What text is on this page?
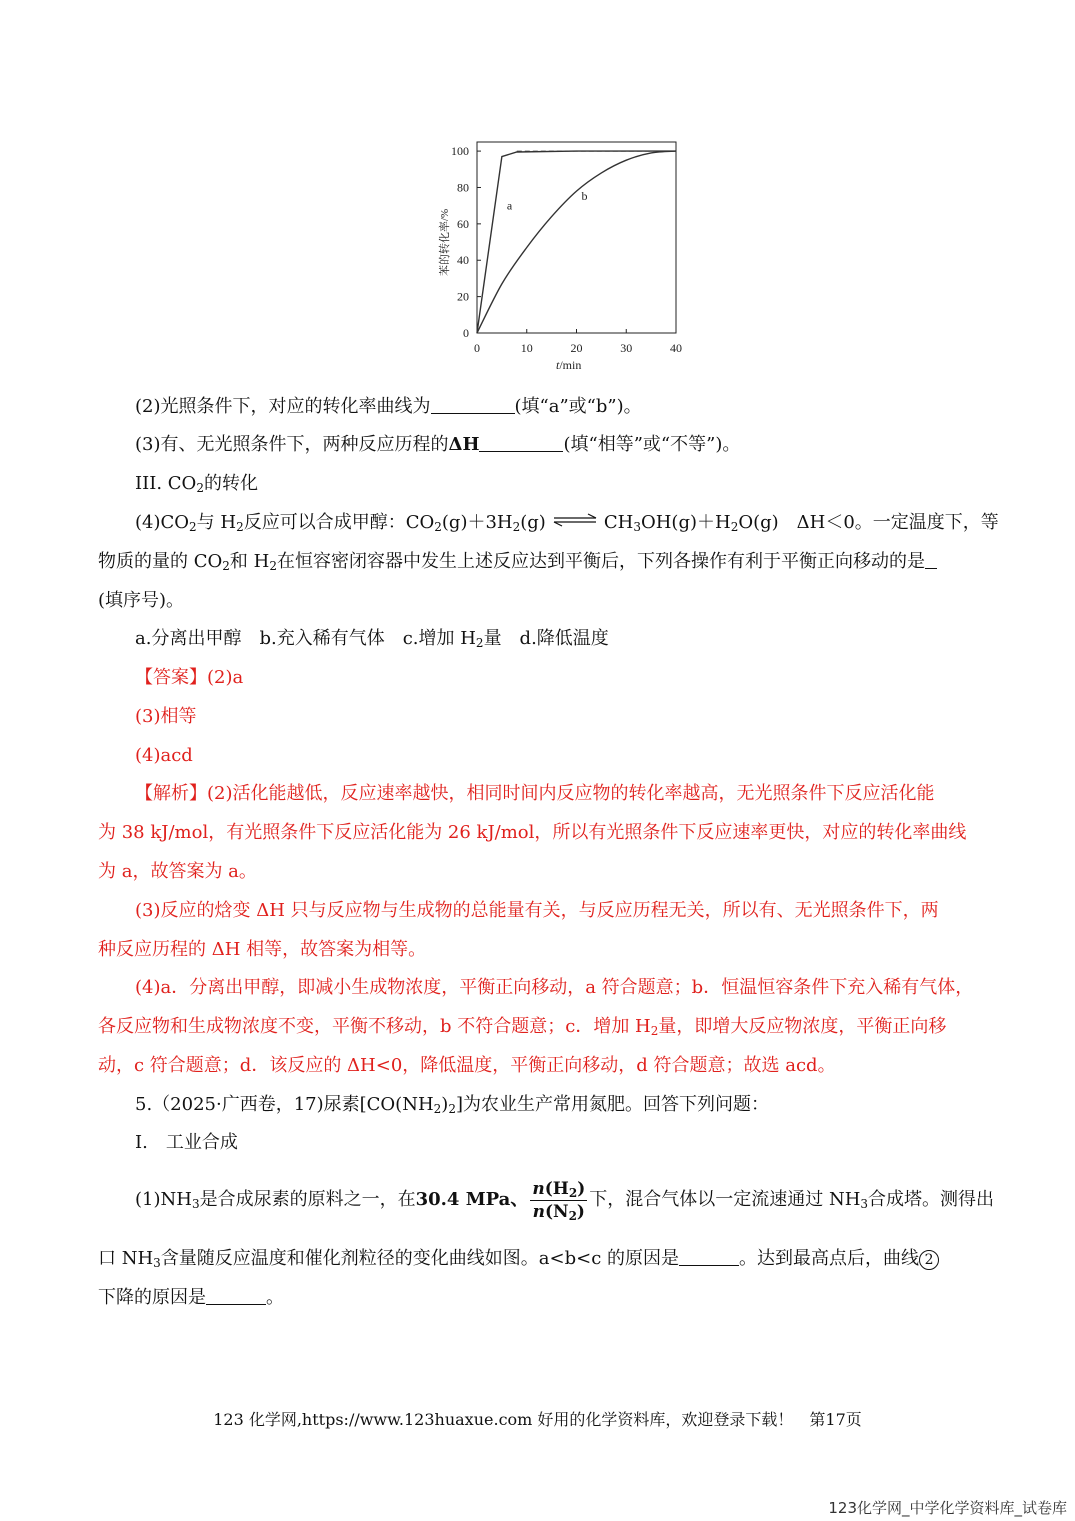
0	10	20	30	40
0
20
40
60
80
100
a
b
苯的转化率/%
t/min
(2)光照条件下，对应的转化率曲线为	(填“a”或“b”)。
(3)有、无光照条件下，两种反应历程的ΔH	(填“相等”或“不等”)。
III. $CO_2$的转化
$(4)CO_2$与 $H_2$反应可以合成甲醇：$CO_2(g)+3H_2(g)$ ⇌ $CH_3OH(g)+H_2O(g)$　ΔH＜0。一定温度下，等
物质的量的 $CO_2$和 $H_2$在恒容密闭容器中发生上述反应达到平衡后，下列各操作有利于平衡正向移动的是
(填序号)。
a.分离出甲醇　b.充入稀有气体　c.增加 $H_2$量　d.降低温度
【答案】(2)a
(3)相等
(4)acd
【解析】(2)活化能越低，反应速率越快，相同时间内反应物的转化率越高，无光照条件下反应活化能
为 38 kJ/mol，有光照条件下反应活化能为 26 kJ/mol，所以有光照条件下反应速率更快，对应的转化率曲线
为 a，故答案为 a。
(3)反应的焓变 ΔH 只与反应物与生成物的总能量有关，与反应历程无关，所以有、无光照条件下，两
种反应历程的 ΔH 相等，故答案为相等。
(4)a．分离出甲醇，即减小生成物浓度，平衡正向移动，a 符合题意；b．恒温恒容条件下充入稀有气体，
各反应物和生成物浓度不变，平衡不移动，b 不符合题意；c．增加 $H_2$量，即增大反应物浓度，平衡正向移
动，c 符合题意；d．该反应的 ΔH<0，降低温度，平衡正向移动，d 符合题意；故选 acd。
5.（2025·广西卷，17)尿素$[CO(NH_2)_2]$为农业生产常用氮肥。回答下列问题：
I.　工业合成
$(1)NH_3$是合成尿素的原料之一，在30.4 MPa、 $\frac{n(H_2)}{n(N_2)}$ 下，混合气体以一定流速通过 $NH_3$合成塔。测得出
口 $NH_3$含量随反应温度和催化剂粒径的变化曲线如图。a<b<c 的原因是	。达到最高点后，曲线 2
下降的原因是	。
123 化学网,https://www.123huaxue.com 好用的化学资料库，欢迎登录下载！　第17页
123化学网_中学化学资料库_试卷库
